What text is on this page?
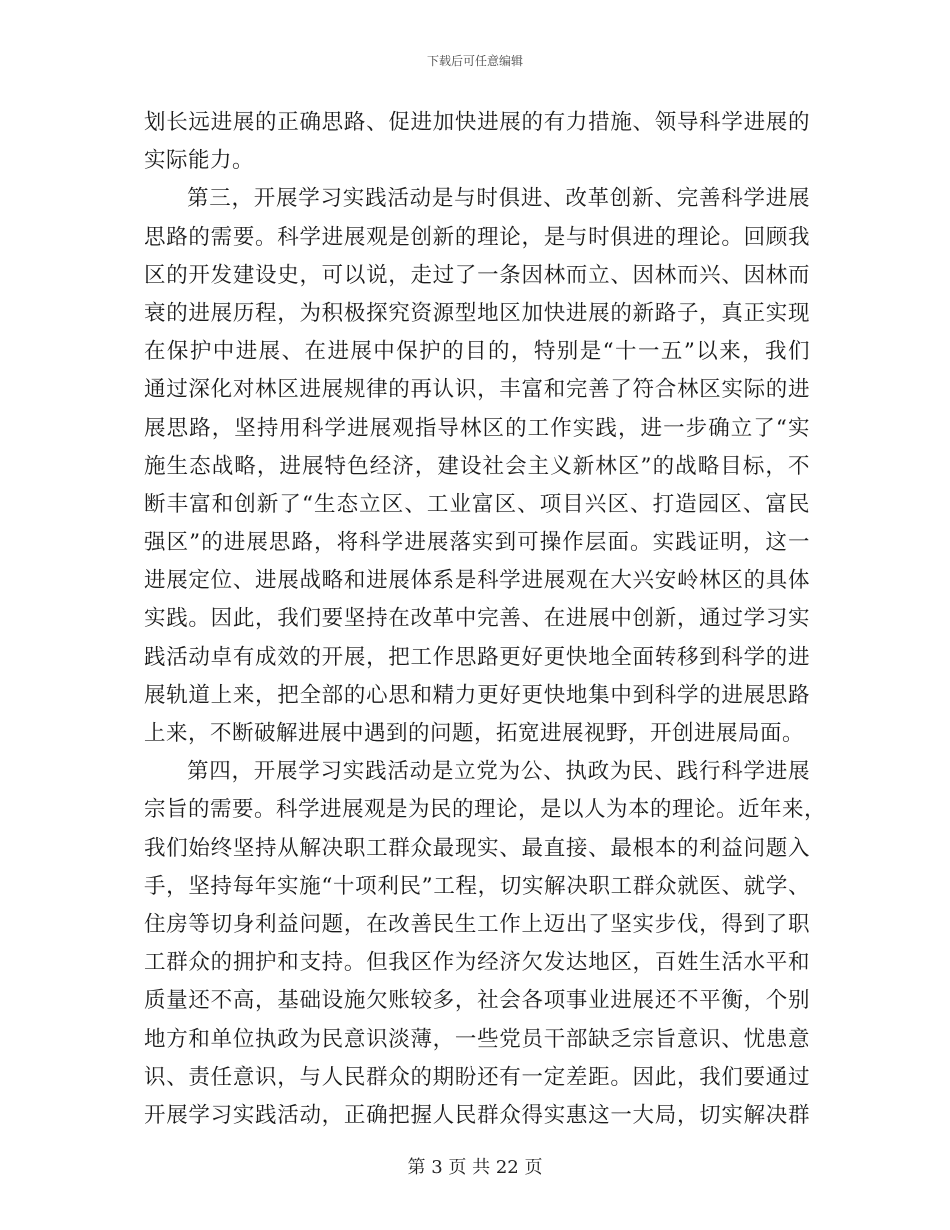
下载后可任意编辑
划长远进展的正确思路、促进加快进展的有力措施、领导科学进展的
实际能力。
第三，开展学习实践活动是与时俱进、改革创新、完善科学进展
思路的需要。科学进展观是创新的理论，是与时俱进的理论。回顾我
区的开发建设史，可以说，走过了一条因林而立、因林而兴、因林而
衰的进展历程，为积极探究资源型地区加快进展的新路子，真正实现
在保护中进展、在进展中保护的目的，特别是“十一五”以来，我们
通过深化对林区进展规律的再认识，丰富和完善了符合林区实际的进
展思路，坚持用科学进展观指导林区的工作实践，进一步确立了“实
施生态战略，进展特色经济，建设社会主义新林区”的战略目标，不
断丰富和创新了“生态立区、工业富区、项目兴区、打造园区、富民
强区”的进展思路，将科学进展落实到可操作层面。实践证明，这一
进展定位、进展战略和进展体系是科学进展观在大兴安岭林区的具体
实践。因此，我们要坚持在改革中完善、在进展中创新，通过学习实
践活动卓有成效的开展，把工作思路更好更快地全面转移到科学的进
展轨道上来，把全部的心思和精力更好更快地集中到科学的进展思路
上来，不断破解进展中遇到的问题，拓宽进展视野，开创进展局面。
第四，开展学习实践活动是立党为公、执政为民、践行科学进展
宗旨的需要。科学进展观是为民的理论，是以人为本的理论。近年来，
我们始终坚持从解决职工群众最现实、最直接、最根本的利益问题入
手，坚持每年实施“十项利民”工程，切实解决职工群众就医、就学、
住房等切身利益问题，在改善民生工作上迈出了坚实步伐，得到了职
工群众的拥护和支持。但我区作为经济欠发达地区，百姓生活水平和
质量还不高，基础设施欠账较多，社会各项事业进展还不平衡，个别
地方和单位执政为民意识淡薄，一些党员干部缺乏宗旨意识、忧患意
识、责任意识，与人民群众的期盼还有一定差距。因此，我们要通过
开展学习实践活动，正确把握人民群众得实惠这一大局，切实解决群
第 3 页 共 22 页
